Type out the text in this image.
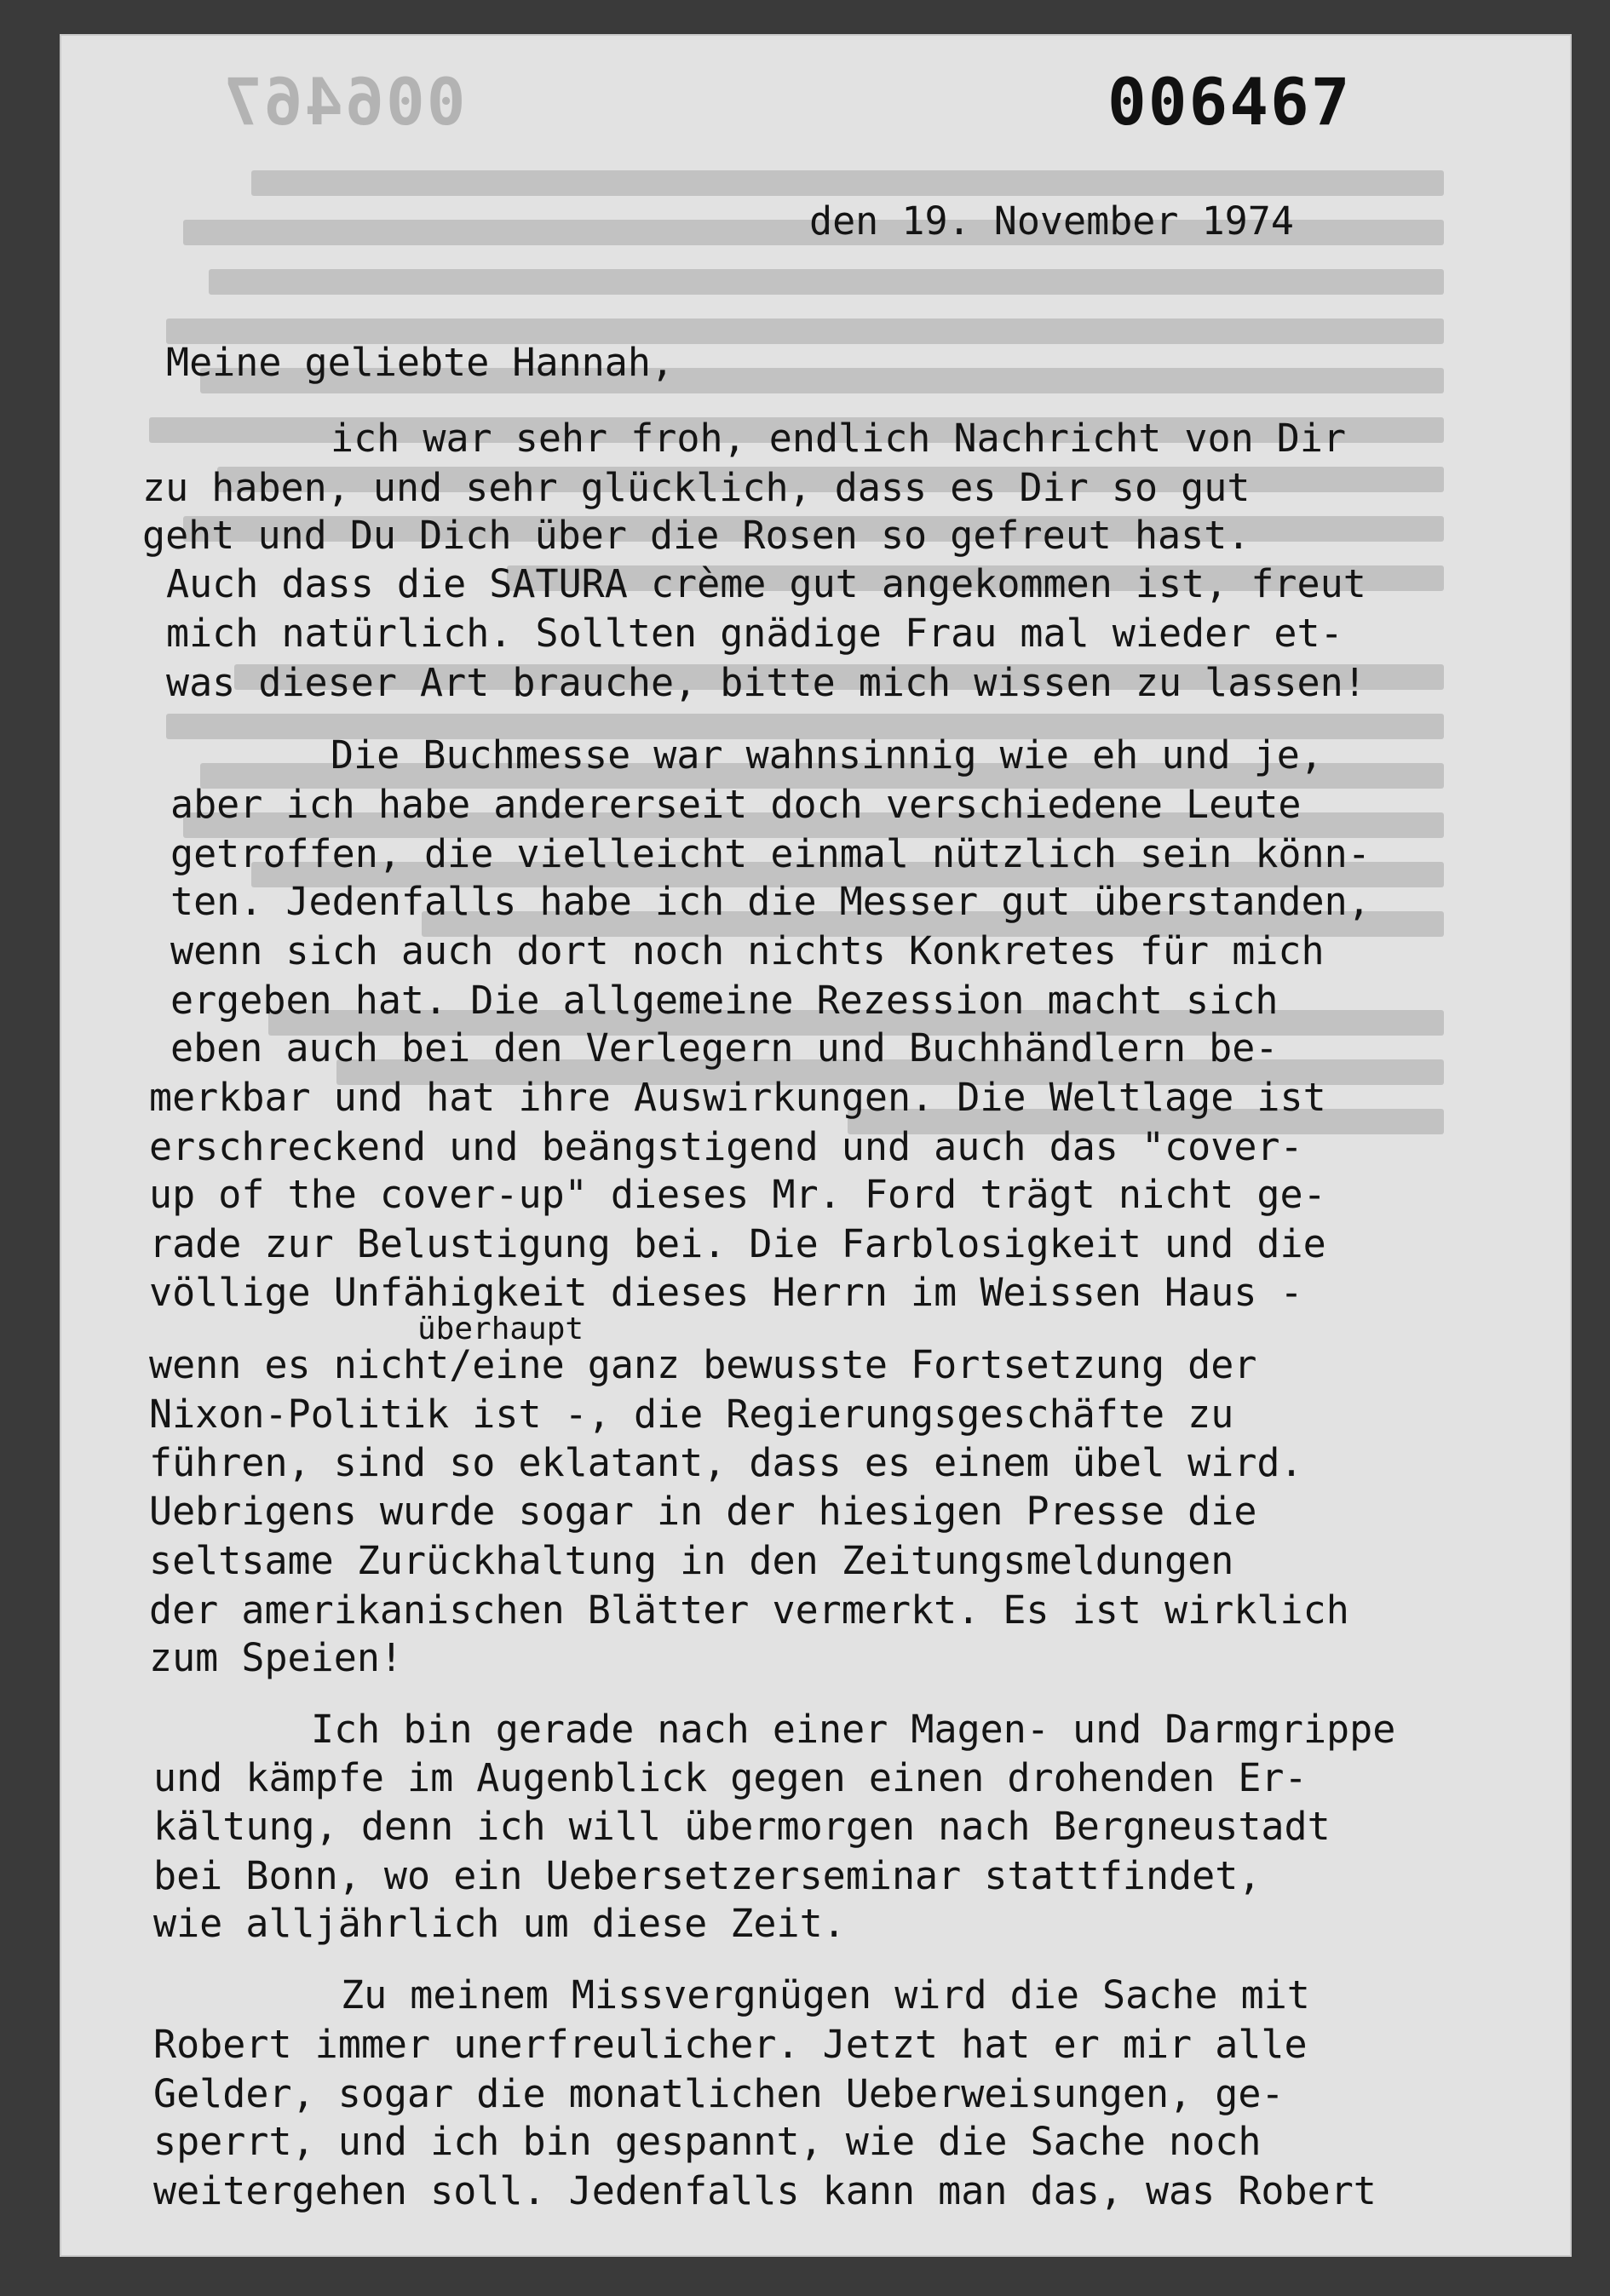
006467	006467
den 19. November 1974
Meine geliebte Hannah,
ich war sehr froh, endlich Nachricht von Dir
zu haben, und sehr glücklich, dass es Dir so gut
geht und Du Dich über die Rosen so gefreut hast.
Auch dass die SATURA crème gut angekommen ist, freut
mich natürlich. Sollten gnädige Frau mal wieder et-
was dieser Art brauche, bitte mich wissen zu lassen!
Die Buchmesse war wahnsinnig wie eh und je,
aber ich habe andererseit doch verschiedene Leute
getroffen, die vielleicht einmal nützlich sein könn-
ten. Jedenfalls habe ich die Messer gut überstanden,
wenn sich auch dort noch nichts Konkretes für mich
ergeben hat. Die allgemeine Rezession macht sich
eben auch bei den Verlegern und Buchhändlern be-
merkbar und hat ihre Auswirkungen. Die Weltlage ist
erschreckend und beängstigend und auch das "cover-
up of the cover-up" dieses Mr. Ford trägt nicht ge-
rade zur Belustigung bei. Die Farblosigkeit und die
völlige Unfähigkeit dieses Herrn im Weissen Haus -
überhaupt
wenn es nicht/eine ganz bewusste Fortsetzung der
Nixon-Politik ist -, die Regierungsgeschäfte zu
führen, sind so eklatant, dass es einem übel wird.
Uebrigens wurde sogar in der hiesigen Presse die
seltsame Zurückhaltung in den Zeitungsmeldungen
der amerikanischen Blätter vermerkt. Es ist wirklich
zum Speien!
Ich bin gerade nach einer Magen- und Darmgrippe
und kämpfe im Augenblick gegen einen drohenden Er-
kältung, denn ich will übermorgen nach Bergneustadt
bei Bonn, wo ein Uebersetzerseminar stattfindet,
wie alljährlich um diese Zeit.
Zu meinem Missvergnügen wird die Sache mit
Robert immer unerfreulicher. Jetzt hat er mir alle
Gelder, sogar die monatlichen Ueberweisungen, ge-
sperrt, und ich bin gespannt, wie die Sache noch
weitergehen soll. Jedenfalls kann man das, was Robert
